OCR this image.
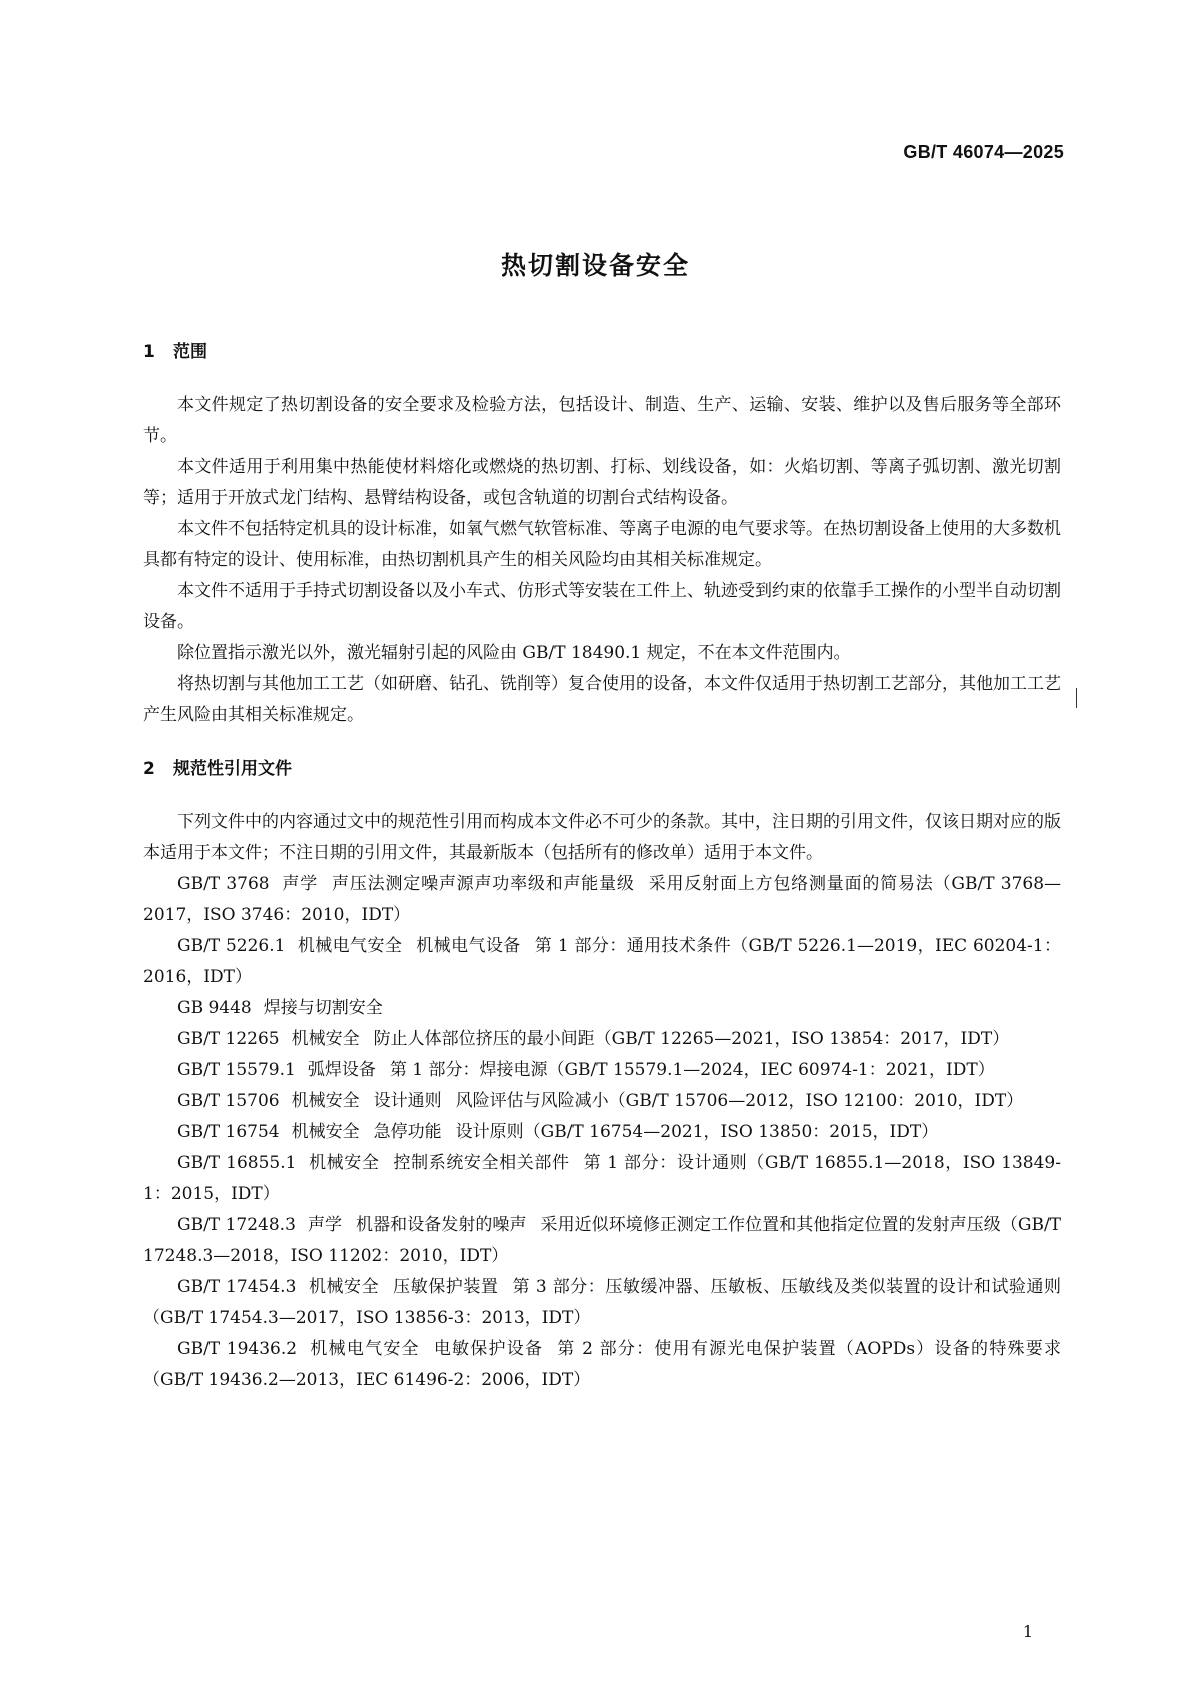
GB/T 46074—2025
热切割设备安全
1	范围

本文件规定了热切割设备的安全要求及检验方法，包括设计、制造、生产、运输、安装、维护以及售后服务等全部环节。

本文件适用于利用集中热能使材料熔化或燃烧的热切割、打标、划线设备，如：火焰切割、等离子弧切割、激光切割等；适用于开放式龙门结构、悬臂结构设备，或包含轨道的切割台式结构设备。

本文件不包括特定机具的设计标准，如氧气燃气软管标准、等离子电源的电气要求等。在热切割设备上使用的大多数机具都有特定的设计、使用标准，由热切割机具产生的相关风险均由其相关标准规定。

本文件不适用于手持式切割设备以及小车式、仿形式等安装在工件上、轨迹受到约束的依靠手工操作的小型半自动切割设备。

除位置指示激光以外，激光辐射引起的风险由 GB/T 18490.1 规定，不在本文件范围内。

将热切割与其他加工工艺（如研磨、钻孔、铣削等）复合使用的设备，本文件仅适用于热切割工艺部分，其他加工工艺产生风险由其相关标准规定。

2	规范性引用文件

下列文件中的内容通过文中的规范性引用而构成本文件必不可少的条款。其中，注日期的引用文件，仅该日期对应的版本适用于本文件；不注日期的引用文件，其最新版本（包括所有的修改单）适用于本文件。

GB/T 3768 声学 声压法测定噪声源声功率级和声能量级 采用反射面上方包络测量面的简易法（GB/T 3768—2017，ISO 3746：2010，IDT）

GB/T 5226.1 机械电气安全 机械电气设备 第 1 部分：通用技术条件（GB/T 5226.1—2019，IEC 60204-1：2016，IDT）

GB 9448 焊接与切割安全

GB/T 12265 机械安全 防止人体部位挤压的最小间距（GB/T 12265—2021，ISO 13854：2017，IDT）

GB/T 15579.1 弧焊设备 第 1 部分：焊接电源（GB/T 15579.1—2024，IEC 60974-1：2021，IDT）

GB/T 15706 机械安全 设计通则 风险评估与风险减小（GB/T 15706—2012，ISO 12100：2010，IDT）

GB/T 16754 机械安全 急停功能 设计原则（GB/T 16754—2021，ISO 13850：2015，IDT）

GB/T 16855.1 机械安全 控制系统安全相关部件 第 1 部分：设计通则（GB/T 16855.1—2018，ISO 13849-1：2015，IDT）

GB/T 17248.3 声学 机器和设备发射的噪声 采用近似环境修正测定工作位置和其他指定位置的发射声压级（GB/T 17248.3—2018，ISO 11202：2010，IDT）

GB/T 17454.3 机械安全 压敏保护装置 第 3 部分：压敏缓冲器、压敏板、压敏线及类似装置的设计和试验通则（GB/T 17454.3—2017，ISO 13856-3：2013，IDT）

GB/T 19436.2 机械电气安全 电敏保护设备 第 2 部分：使用有源光电保护装置（AOPDs）设备的特殊要求（GB/T 19436.2—2013，IEC 61496-2：2006，IDT）

1
